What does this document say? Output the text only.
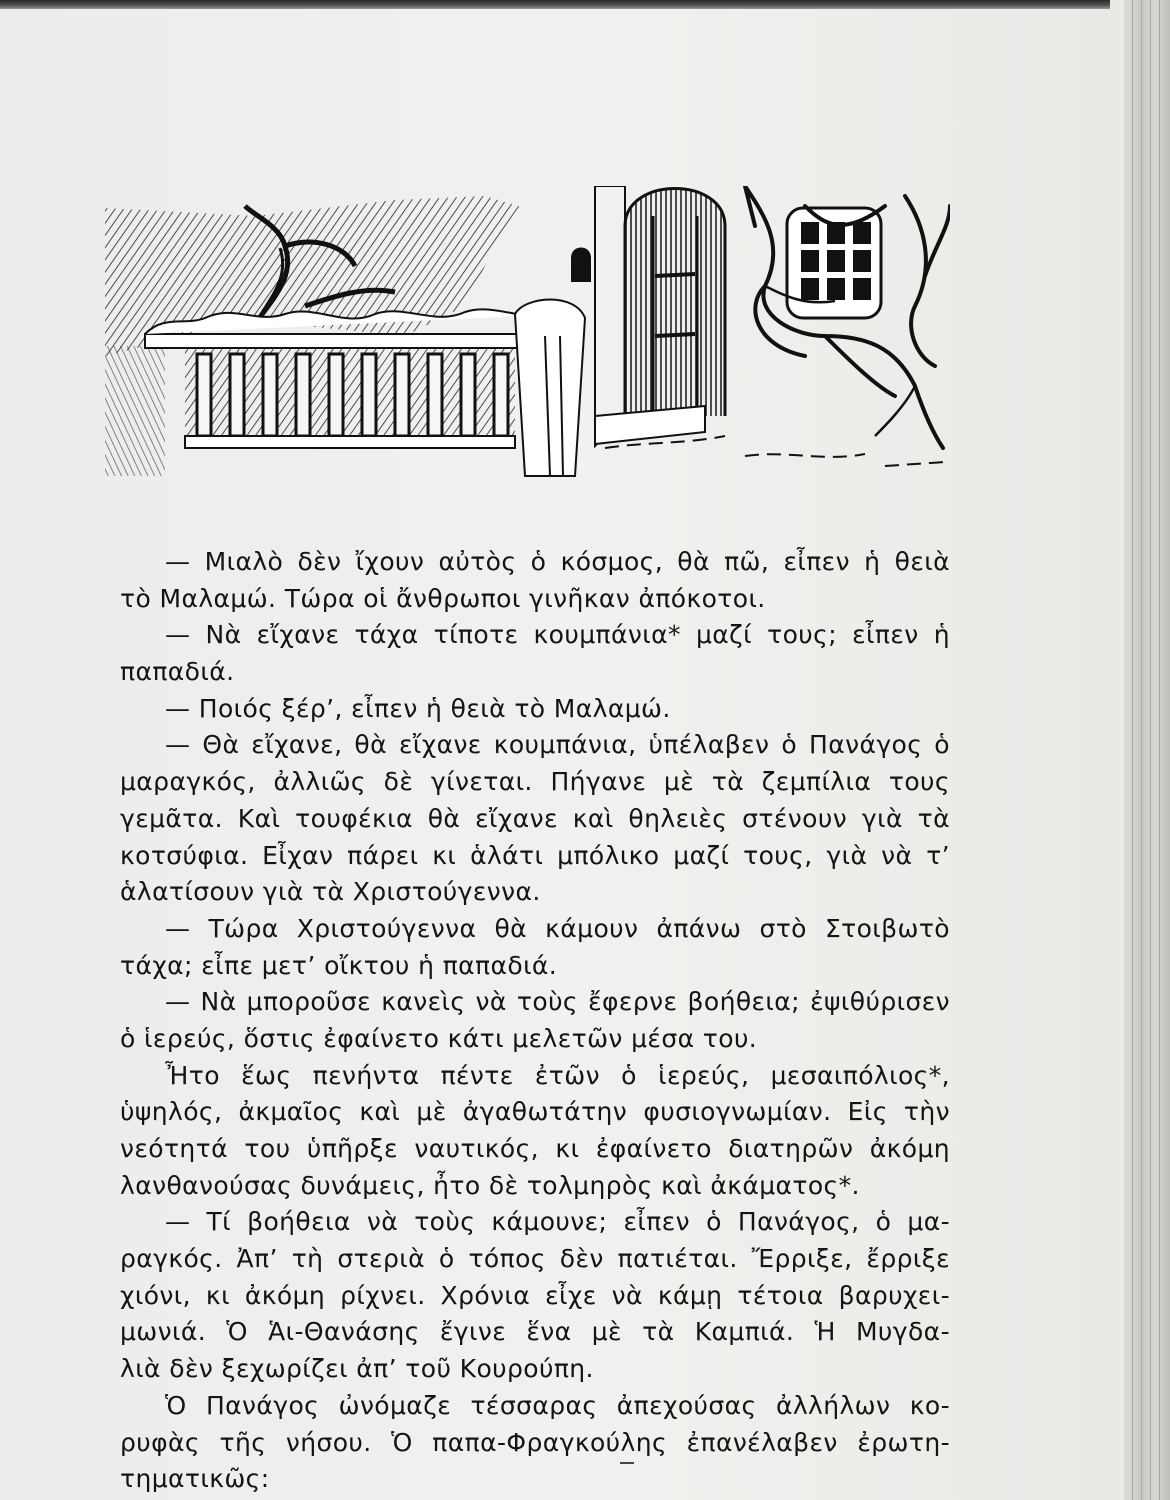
— Μιαλὸ δὲν ἴχουν αὐτὸς ὁ κόσμος, θὰ πῶ, εἶπεν ἡ θειὰ
τὸ Μαλαμώ. Τώρα οἱ ἄνθρωποι γινῆκαν ἀπόκοτοι.
— Νὰ εἴχανε τάχα τίποτε κουμπάνια* μαζί τους; εἶπεν ἡ
παπαδιά.
— Ποιός ξέρ’, εἶπεν ἡ θειὰ τὸ Μαλαμώ.
— Θὰ εἴχανε, θὰ εἴχανε κουμπάνια, ὑπέλαβεν ὁ Πανάγος ὁ
μαραγκός, ἀλλιῶς δὲ γίνεται. Πήγανε μὲ τὰ ζεμπίλια τους
γεμᾶτα. Καὶ τουφέκια θὰ εἴχανε καὶ θηλειὲς στένουν γιὰ τὰ
κοτσύφια. Εἶχαν πάρει κι ἁλάτι μπόλικο μαζί τους, γιὰ νὰ τ’
ἁλατίσουν γιὰ τὰ Χριστούγεννα.
— Τώρα Χριστούγεννα θὰ κάμουν ἀπάνω στὸ Στοιβωτὸ
τάχα; εἶπε μετ’ οἴκτου ἡ παπαδιά.
— Νὰ μποροῦσε κανεὶς νὰ τοὺς ἔφερνε βοήθεια; ἐψιθύρισεν
ὁ ἱερεύς, ὅστις ἐφαίνετο κάτι μελετῶν μέσα του.
Ἦτο ἕως πενήντα πέντε ἐτῶν ὁ ἱερεύς, μεσαιπόλιος*,
ὑψηλός, ἀκμαῖος καὶ μὲ ἀγαθωτάτην φυσιογνωμίαν. Εἰς τὴν
νεότητά του ὑπῆρξε ναυτικός, κι ἐφαίνετο διατηρῶν ἀκόμη
λανθανούσας δυνάμεις, ἦτο δὲ τολμηρὸς καὶ ἀκάματος*.
— Τί βοήθεια νὰ τοὺς κάμουνε; εἶπεν ὁ Πανάγος, ὁ μα-
ραγκός. Ἀπ’ τὴ στεριὰ ὁ τόπος δὲν πατιέται. Ἔρριξε, ἔρριξε
χιόνι, κι ἀκόμη ρίχνει. Χρόνια εἶχε νὰ κάμῃ τέτοια βαρυχει-
μωνιά. Ὁ Ἁι-Θανάσης ἔγινε ἕνα μὲ τὰ Καμπιά. Ἡ Μυγδα-
λιὰ δὲν ξεχωρίζει ἀπ’ τοῦ Κουρούπη.
Ὁ Πανάγος ὠνόμαζε τέσσαρας ἀπεχούσας ἀλλήλων κο-
ρυφὰς τῆς νήσου. Ὁ παπα-Φραγκούλης ἐπανέλαβεν ἐρωτη-
τηματικῶς:
